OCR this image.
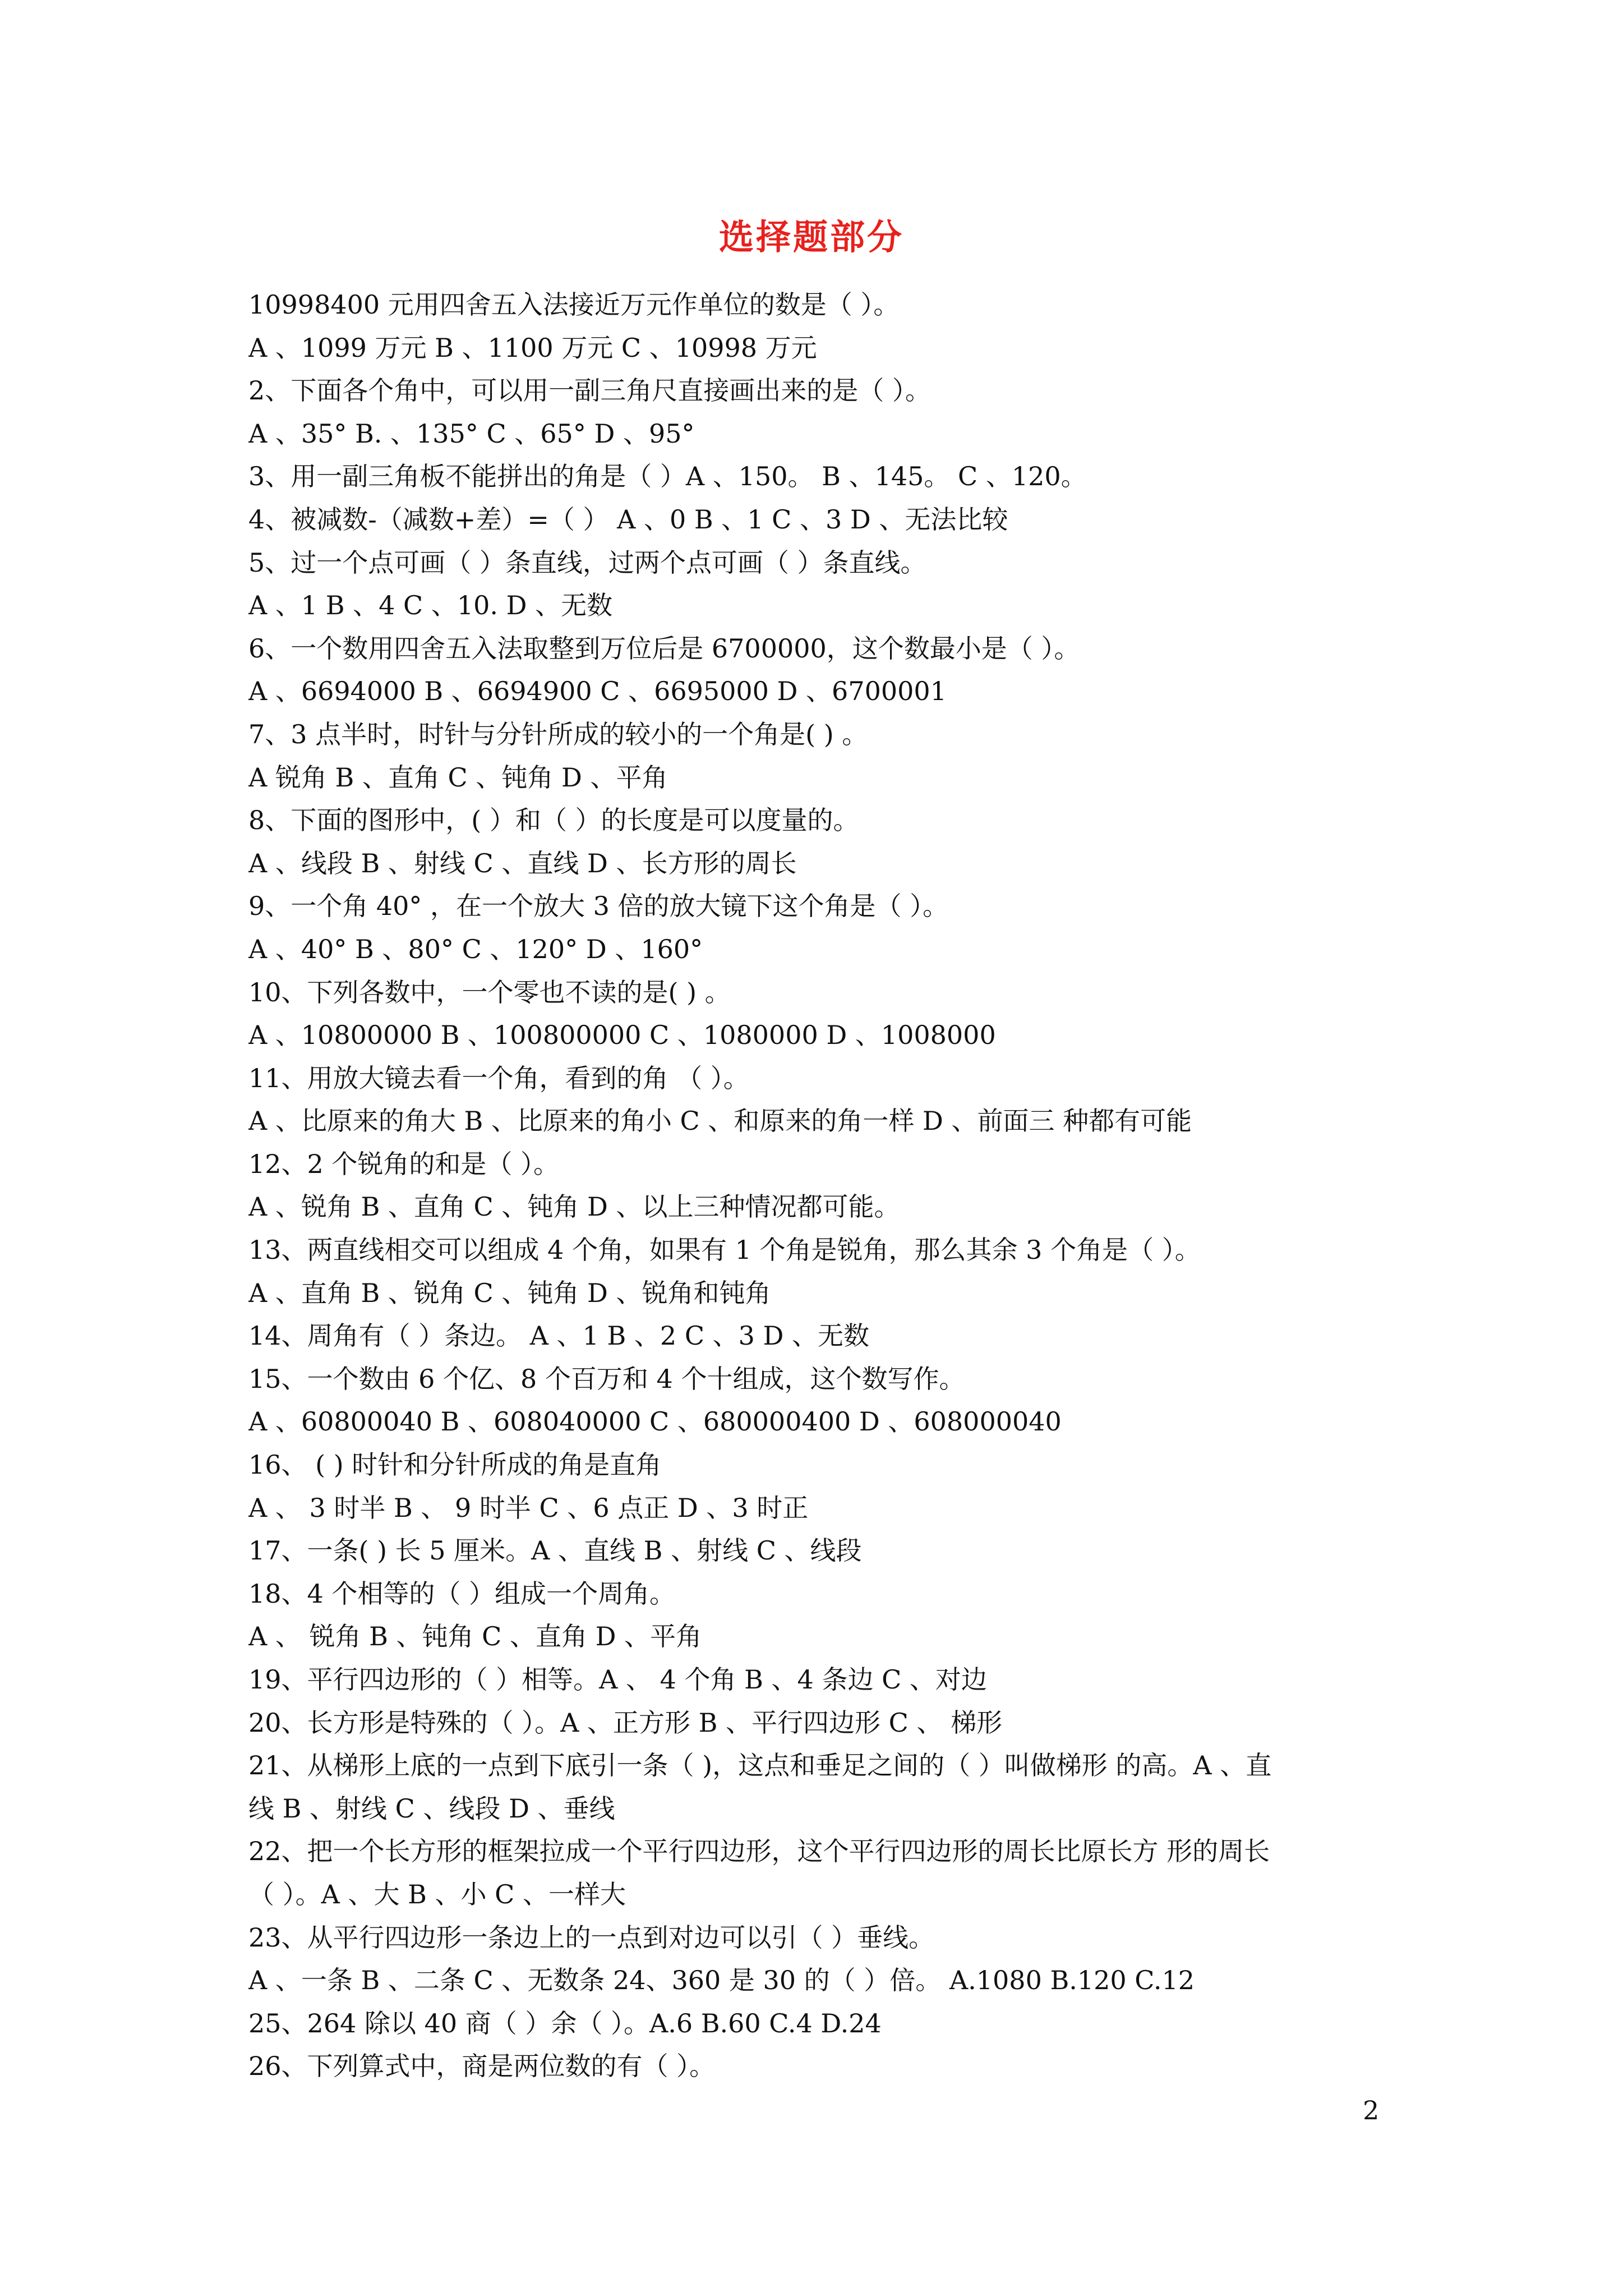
选择题部分
10998400 元用四舍五入法接近万元作单位的数是（ ）。
A 、1099 万元 B 、1100 万元 C 、10998 万元
2、下面各个角中，可以用一副三角尺直接画出来的是（ ）。
A 、35° B. 、135° C 、65° D 、95°
3、用一副三角板不能拼出的角是（ ）A 、150。 B 、145。 C 、120。
4、被减数-（减数+差）=（ ） A 、0 B 、1 C 、3 D 、无法比较
5、过一个点可画（ ）条直线，过两个点可画（ ）条直线。
A 、1 B 、4 C 、10. D 、无数
6、一个数用四舍五入法取整到万位后是 6700000，这个数最小是（ ）。
A 、6694000 B 、6694900 C 、6695000 D 、6700001
7、3 点半时，时针与分针所成的较小的一个角是( ) 。
A 锐角 B 、直角 C 、钝角 D 、平角
8、下面的图形中，( ）和（ ）的长度是可以度量的。
A 、线段 B 、射线 C 、直线 D 、长方形的周长
9、一个角 40° ，在一个放大 3 倍的放大镜下这个角是（ ）。
A 、40° B 、80° C 、120° D 、160°
10、下列各数中，一个零也不读的是( ) 。
A 、10800000 B 、100800000 C 、1080000 D 、1008000
11、用放大镜去看一个角，看到的角 （ ）。
A 、比原来的角大 B 、比原来的角小 C 、和原来的角一样 D 、前面三 种都有可能
12、2 个锐角的和是（ ）。
A 、锐角 B 、直角 C 、钝角 D 、以上三种情况都可能。
13、两直线相交可以组成 4 个角，如果有 1 个角是锐角，那么其余 3 个角是（ ）。
A 、直角 B 、锐角 C 、钝角 D 、锐角和钝角
14、周角有（ ）条边。 A 、1 B 、2 C 、3 D 、无数
15、一个数由 6 个亿、8 个百万和 4 个十组成，这个数写作。
A 、60800040 B 、608040000 C 、680000400 D 、608000040
16、 ( ) 时针和分针所成的角是直角
A 、 3 时半 B 、 9 时半 C 、6 点正 D 、3 时正
17、一条( ) 长 5 厘米。A 、直线 B 、射线 C 、线段
18、4 个相等的（ ）组成一个周角。
A 、 锐角 B 、钝角 C 、直角 D 、平角
19、平行四边形的（ ）相等。A 、 4 个角 B 、4 条边 C 、对边
20、长方形是特殊的（ ）。A 、正方形 B 、平行四边形 C 、 梯形
21、从梯形上底的一点到下底引一条（ )，这点和垂足之间的（ ）叫做梯形 的高。A 、直
线 B 、射线 C 、线段 D 、垂线
22、把一个长方形的框架拉成一个平行四边形，这个平行四边形的周长比原长方 形的周长
（ ）。A 、大 B 、小 C 、一样大
23、从平行四边形一条边上的一点到对边可以引（ ）垂线。
A 、一条 B 、二条 C 、无数条 24、360 是 30 的（ ）倍。 A.1080 B.120 C.12
25、264 除以 40 商（ ）余（ ）。A.6 B.60 C.4 D.24
26、下列算式中，商是两位数的有（ ）。
2
